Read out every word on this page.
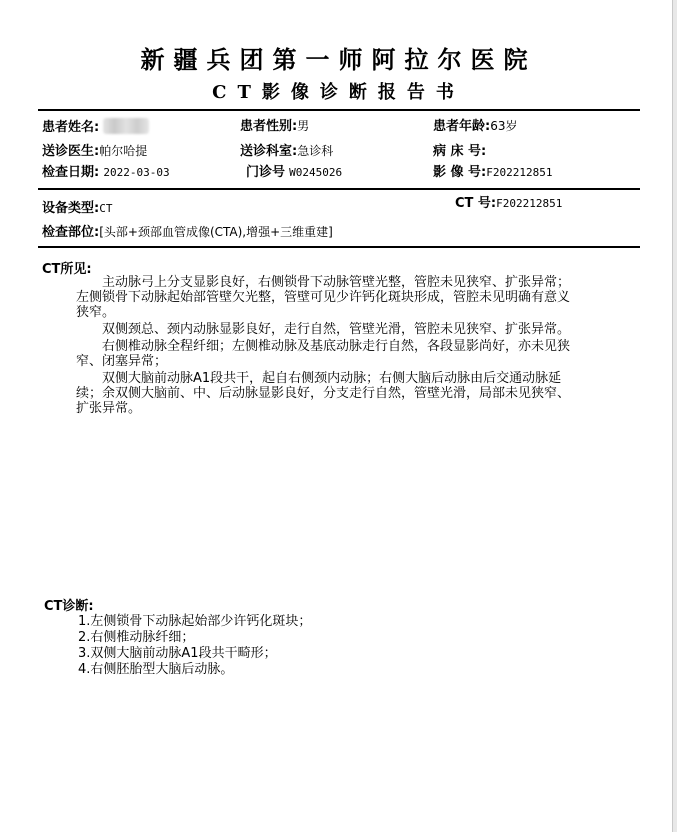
新疆兵团第一师阿拉尔医院
CT影像诊断报告书
患者姓名:	患者性别:男	患者年龄:63岁
送诊医生:帕尔哈提	送诊科室:急诊科	病 床 号:
检查日期: 2022-03-03	门诊号 W0245026	影 像 号:F202212851
设备类型:CT	CT 号:F202212851
检查部位:[头部+颈部血管成像(CTA),增强+三维重建]
CT所见:

主动脉弓上分支显影良好，右侧锁骨下动脉管壁光整，管腔未见狭窄、扩张异常；左侧锁骨下动脉起始部管壁欠光整，管壁可见少许钙化斑块形成，管腔未见明确有意义狭窄。

双侧颈总、颈内动脉显影良好，走行自然，管壁光滑，管腔未见狭窄、扩张异常。

右侧椎动脉全程纤细；左侧椎动脉及基底动脉走行自然，各段显影尚好，亦未见狭窄、闭塞异常；

双侧大脑前动脉A1段共干，起自右侧颈内动脉；右侧大脑后动脉由后交通动脉延续；余双侧大脑前、中、后动脉显影良好，分支走行自然，管壁光滑，局部未见狭窄、扩张异常。

CT诊断:
1.左侧锁骨下动脉起始部少许钙化斑块；
2.右侧椎动脉纤细；
3.双侧大脑前动脉A1段共干畸形；
4.右侧胚胎型大脑后动脉。
